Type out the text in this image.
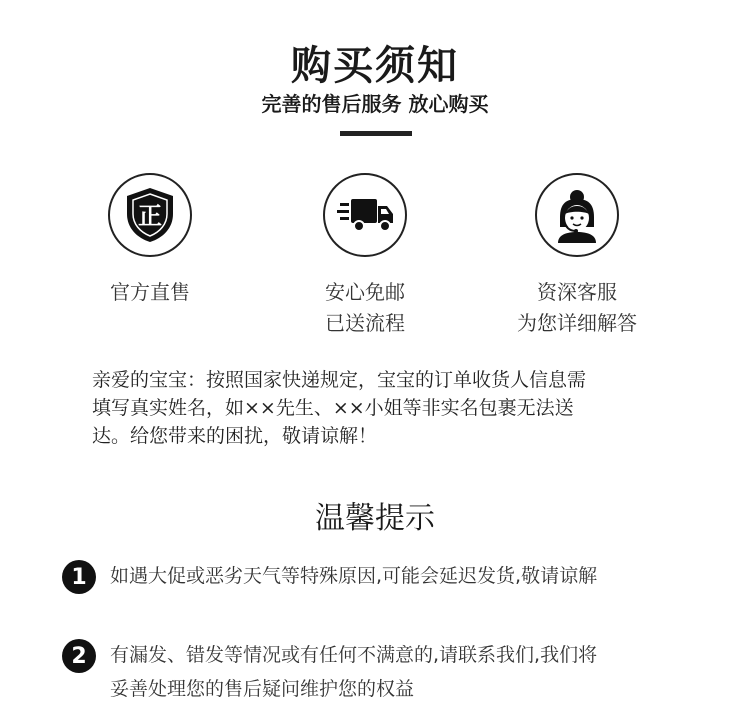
购买须知
完善的售后服务 放心购买
正
官方直售	安心免邮
已送流程
资深客服
为您详细解答
亲爱的宝宝：按照国家快递规定，宝宝的订单收货人信息需
填写真实姓名，如××先生、××小姐等非实名包裹无法送
达。给您带来的困扰，敬请谅解！
温馨提示
1	如遇大促或恶劣天气等特殊原因,可能会延迟发货,敬请谅解
2	有漏发、错发等情况或有任何不满意的,请联系我们,我们将
妥善处理您的售后疑问维护您的权益
